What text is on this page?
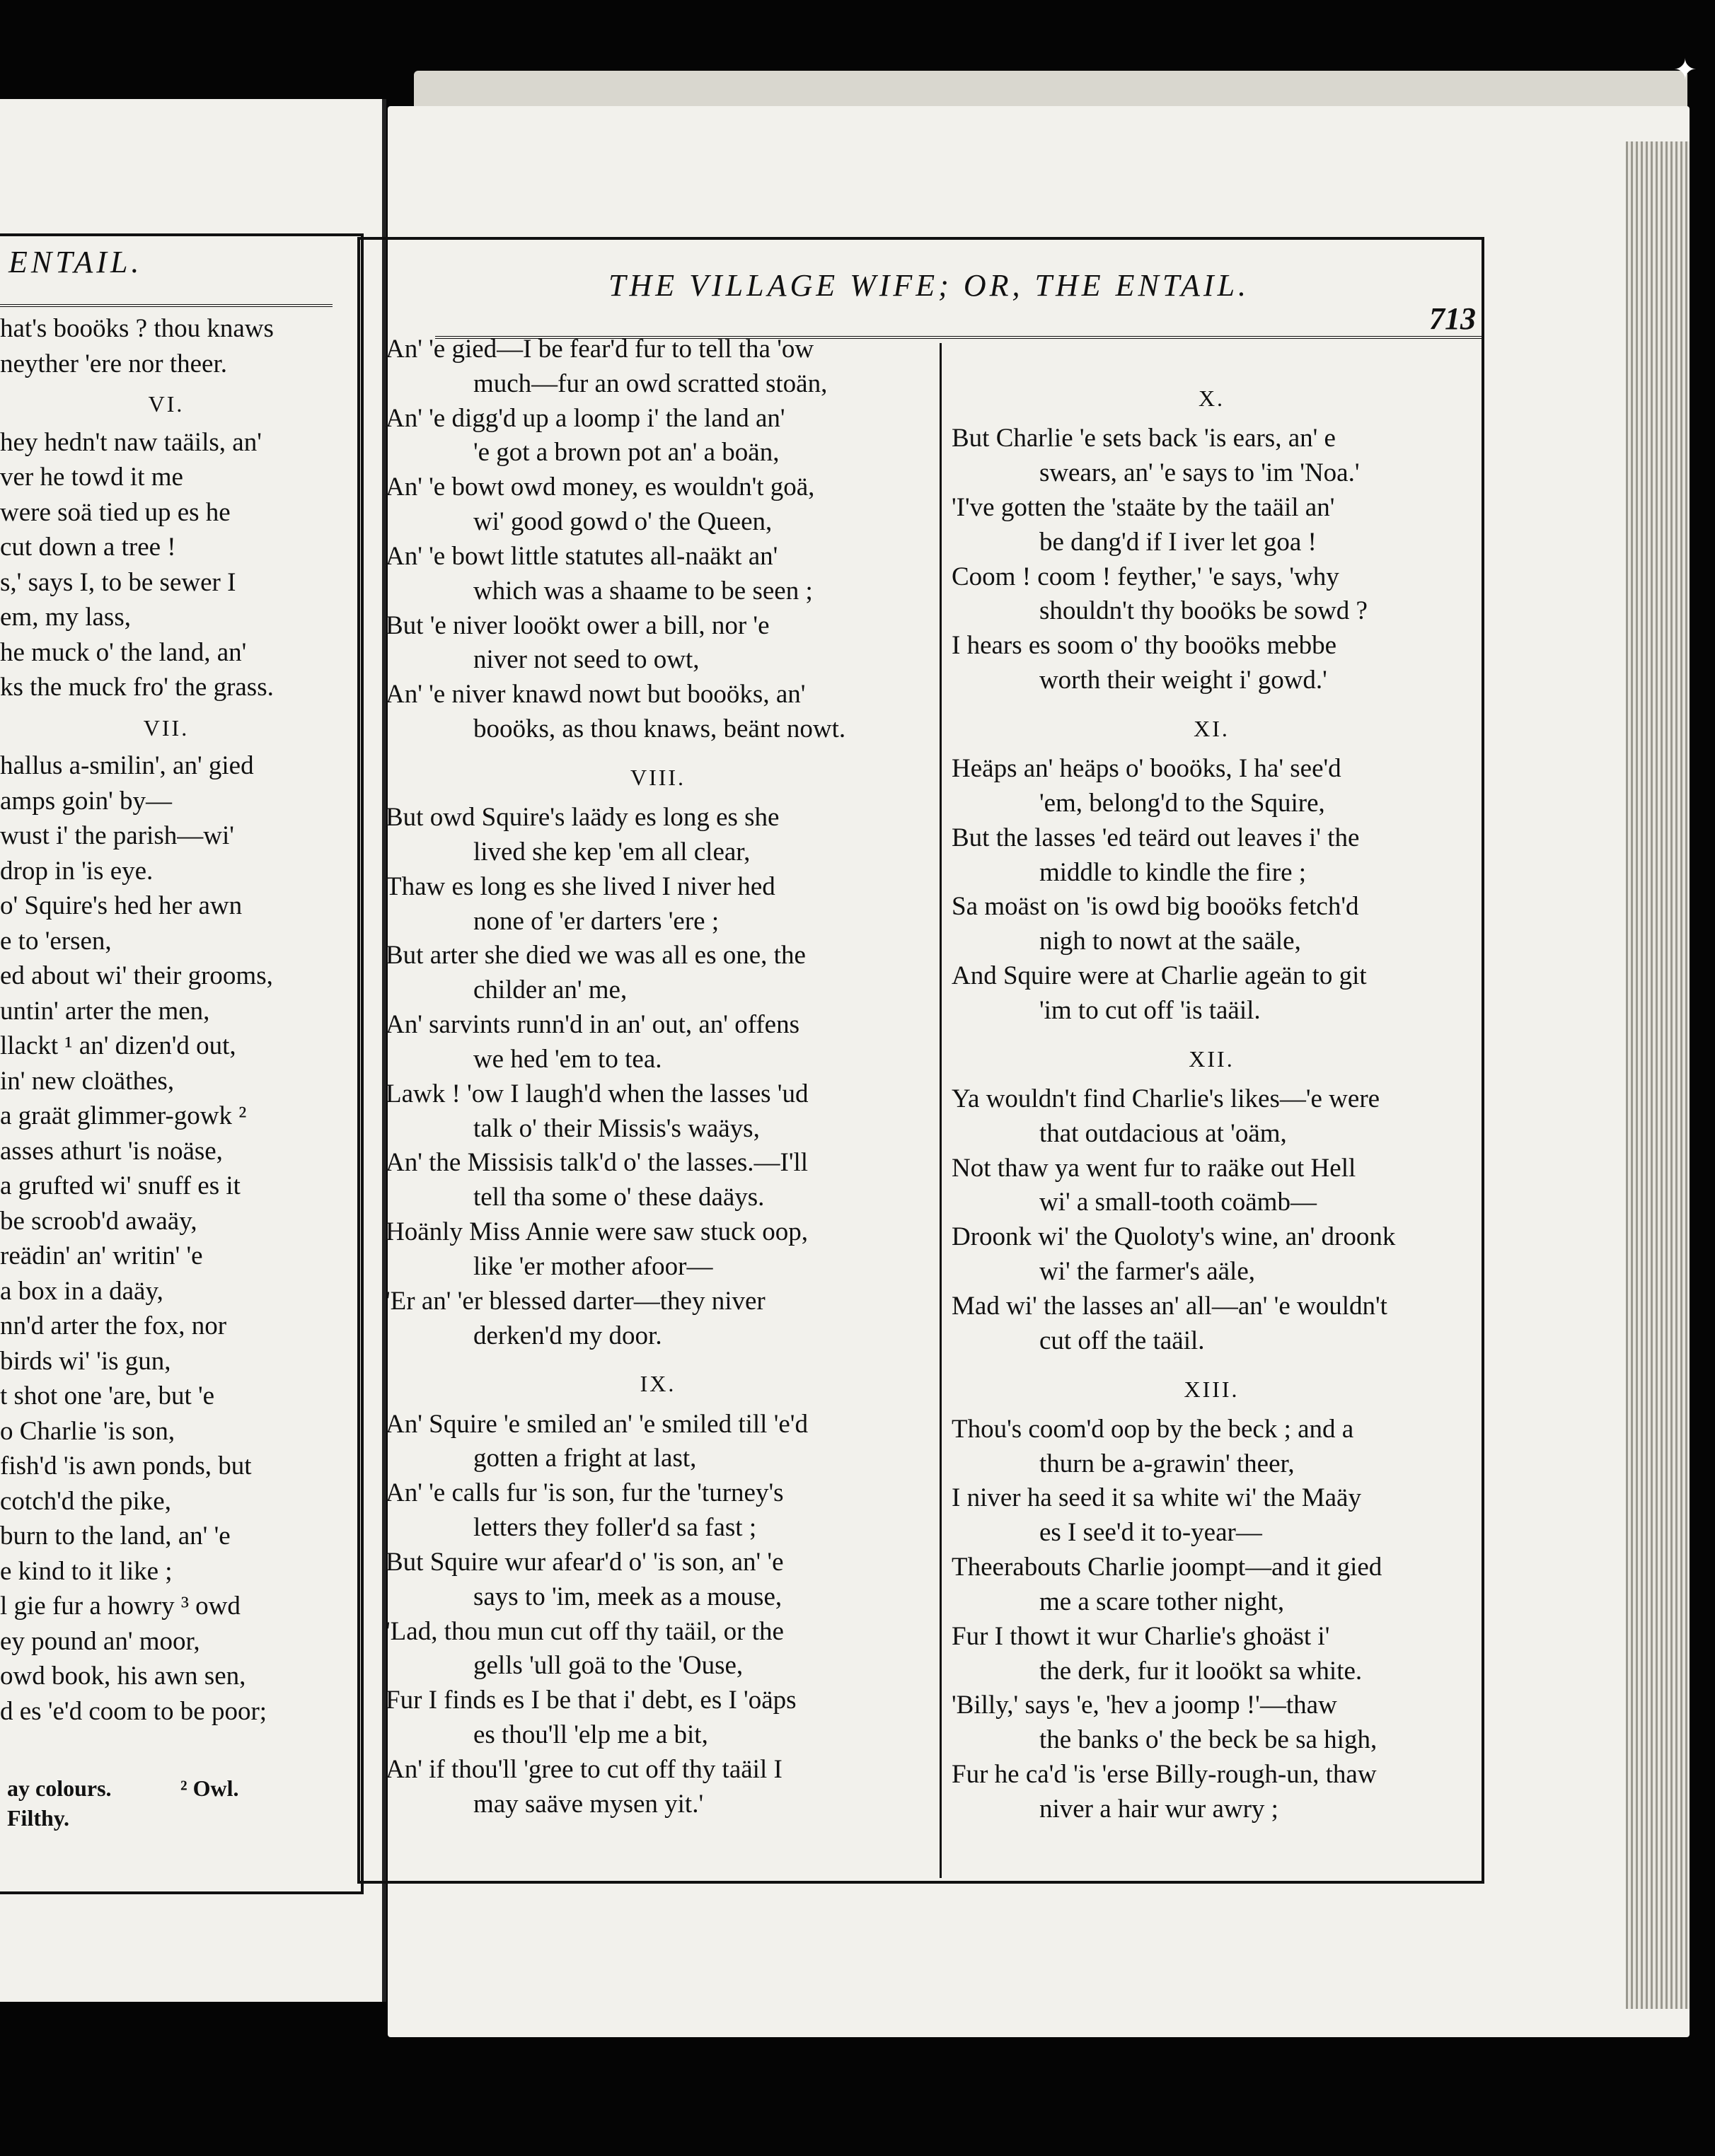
ENTAIL.
hat's booöks ? thou knaws
neyther 'ere nor theer.
VI.
hey hedn't naw taäils, an'
ver he towd it me
were soä tied up es he
cut down a tree !
s,' says I, to be sewer I
em, my lass,
he muck o' the land, an'
ks the muck fro' the grass.
VII.
hallus a-smilin', an' gied
amps goin' by—
wust i' the parish—wi'
drop in 'is eye.
o' Squire's hed her awn
e to 'ersen,
ed about wi' their grooms,
untin' arter the men,
llackt ¹ an' dizen'd out,
in' new cloäthes,
a graät glimmer-gowk ²
asses athurt 'is noäse,
a grufted wi' snuff es it
be scroob'd awaäy,
reädin' an' writin' 'e
a box in a daäy,
nn'd arter the fox, nor
birds wi' 'is gun,
t shot one 'are, but 'e
o Charlie 'is son,
fish'd 'is awn ponds, but
cotch'd the pike,
burn to the land, an' 'e
e kind to it like ;
l gie fur a howry ³ owd
ey pound an' moor,
owd book, his awn sen,
d es 'e'd coom to be poor;
ay colours.	² Owl.
Filthy.
THE VILLAGE WIFE; OR, THE ENTAIL.
713
An' 'e gied—I be fear'd fur to tell tha 'ow
much—fur an owd scratted stoän,
An' 'e digg'd up a loomp i' the land an'
'e got a brown pot an' a boän,
An' 'e bowt owd money, es wouldn't goä,
wi' good gowd o' the Queen,
An' 'e bowt little statutes all-naäkt an'
which was a shaame to be seen ;
But 'e niver looökt ower a bill, nor 'e
niver not seed to owt,
An' 'e niver knawd nowt but booöks, an'
booöks, as thou knaws, beänt nowt.
VIII.
But owd Squire's laädy es long es she
lived she kep 'em all clear,
Thaw es long es she lived I niver hed
none of 'er darters 'ere ;
But arter she died we was all es one, the
childer an' me,
An' sarvints runn'd in an' out, an' offens
we hed 'em to tea.
Lawk ! 'ow I laugh'd when the lasses 'ud
talk o' their Missis's waäys,
An' the Missisis talk'd o' the lasses.—I'll
tell tha some o' these daäys.
Hoänly Miss Annie were saw stuck oop,
like 'er mother afoor—
'Er an' 'er blessed darter—they niver
derken'd my door.
IX.
An' Squire 'e smiled an' 'e smiled till 'e'd
gotten a fright at last,
An' 'e calls fur 'is son, fur the 'turney's
letters they foller'd sa fast ;
But Squire wur afear'd o' 'is son, an' 'e
says to 'im, meek as a mouse,
'Lad, thou mun cut off thy taäil, or the
gells 'ull goä to the 'Ouse,
Fur I finds es I be that i' debt, es I 'oäps
es thou'll 'elp me a bit,
An' if thou'll 'gree to cut off thy taäil I
may saäve mysen yit.'
X.
But Charlie 'e sets back 'is ears, an' e
swears, an' 'e says to 'im 'Noa.'
'I've gotten the 'staäte by the taäil an'
be dang'd if I iver let goa !
Coom ! coom ! feyther,' 'e says, 'why
shouldn't thy booöks be sowd ?
I hears es soom o' thy booöks mebbe
worth their weight i' gowd.'
XI.
Heäps an' heäps o' booöks, I ha' see'd
'em, belong'd to the Squire,
But the lasses 'ed teärd out leaves i' the
middle to kindle the fire ;
Sa moäst on 'is owd big booöks fetch'd
nigh to nowt at the saäle,
And Squire were at Charlie ageän to git
'im to cut off 'is taäil.
XII.
Ya wouldn't find Charlie's likes—'e were
that outdacious at 'oäm,
Not thaw ya went fur to raäke out Hell
wi' a small-tooth coämb—
Droonk wi' the Quoloty's wine, an' droonk
wi' the farmer's aäle,
Mad wi' the lasses an' all—an' 'e wouldn't
cut off the taäil.
XIII.
Thou's coom'd oop by the beck ; and a
thurn be a-grawin' theer,
I niver ha seed it sa white wi' the Maäy
es I see'd it to-year—
Theerabouts Charlie joompt—and it gied
me a scare tother night,
Fur I thowt it wur Charlie's ghoäst i'
the derk, fur it looökt sa white.
'Billy,' says 'e, 'hev a joomp !'—thaw
the banks o' the beck be sa high,
Fur he ca'd 'is 'erse Billy-rough-un, thaw
niver a hair wur awry ;
✦
